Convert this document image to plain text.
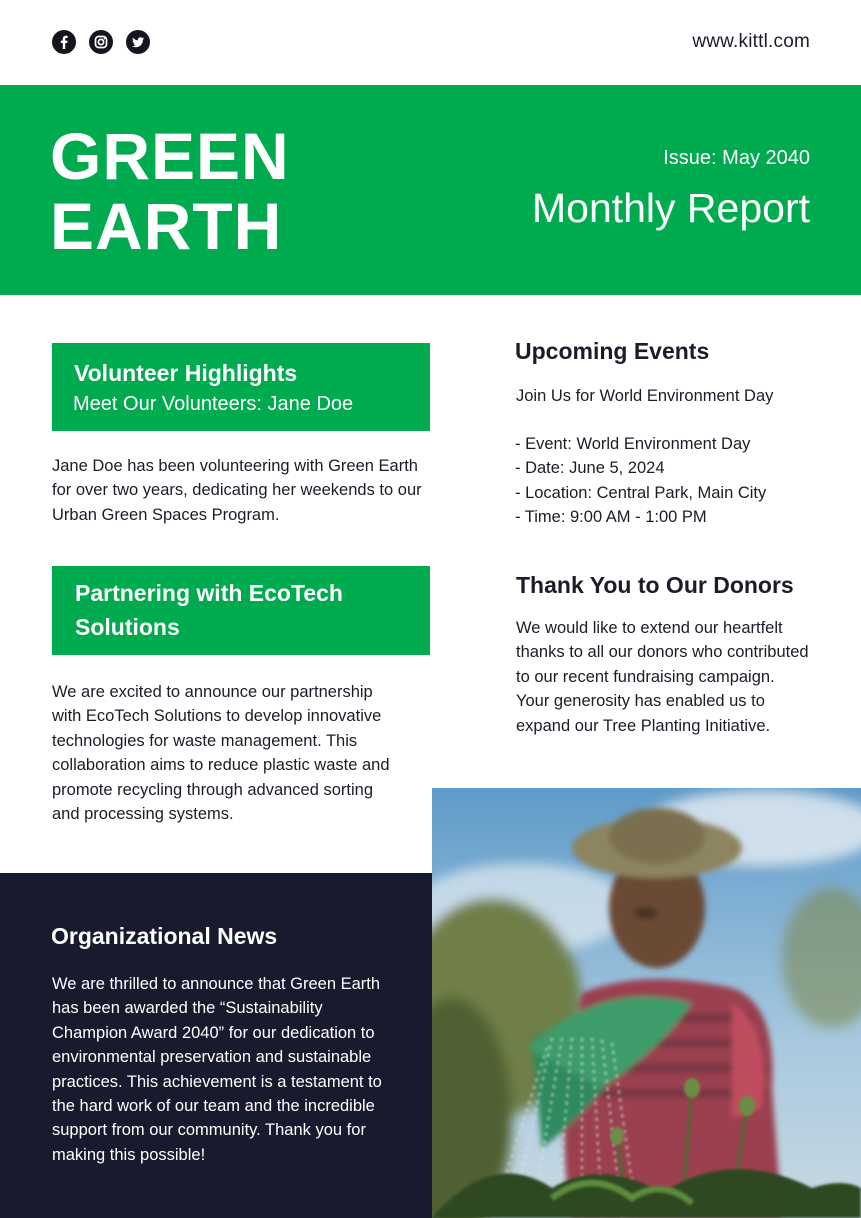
www.kittl.com
GREEN
EARTH
Issue: May 2040
Monthly Report
Volunteer Highlights
Meet Our Volunteers: Jane Doe
Jane Doe has been volunteering with Green Earth
for over two years, dedicating her weekends to our
Urban Green Spaces Program.
Partnering with EcoTech
Solutions
We are excited to announce our partnership
with EcoTech Solutions to develop innovative
technologies for waste management. This
collaboration aims to reduce plastic waste and
promote recycling through advanced sorting
and processing systems.
Upcoming Events
Join Us for World Environment Day
- Event: World Environment Day
- Date: June 5, 2024
- Location: Central Park, Main City
- Time: 9:00 AM - 1:00 PM
Thank You to Our Donors
We would like to extend our heartfelt
thanks to all our donors who contributed
to our recent fundraising campaign.
Your generosity has enabled us to
expand our Tree Planting Initiative.
Organizational News
We are thrilled to announce that Green Earth
has been awarded the “Sustainability
Champion Award 2040” for our dedication to
environmental preservation and sustainable
practices. This achievement is a testament to
the hard work of our team and the incredible
support from our community. Thank you for
making this possible!
